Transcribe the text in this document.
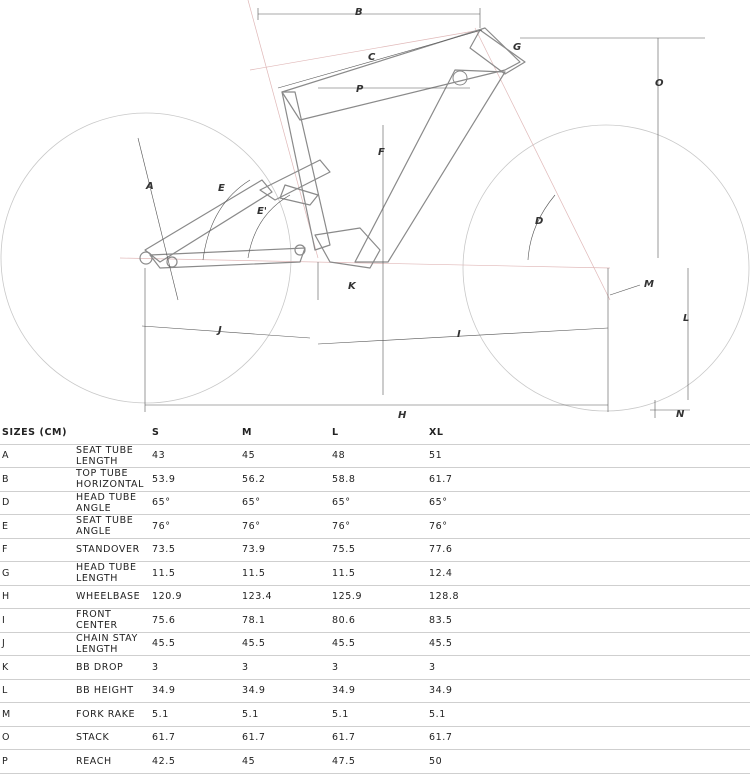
B
C
G
O
P
F
A	E
E'
D
K	M
L
J	I
H	N
SIZES (CM)		S	M	L	XL
A	SEAT TUBE LENGTH	43	45	48	51
B	TOP TUBE HORIZONTAL	53.9	56.2	58.8	61.7
D	HEAD TUBE ANGLE	65°	65°	65°	65°
E	SEAT TUBE ANGLE	76°	76°	76°	76°
F	STANDOVER	73.5	73.9	75.5	77.6
G	HEAD TUBE LENGTH	11.5	11.5	11.5	12.4
H	WHEELBASE	120.9	123.4	125.9	128.8
I	FRONT CENTER	75.6	78.1	80.6	83.5
J	CHAIN STAY LENGTH	45.5	45.5	45.5	45.5
K	BB DROP	3	3	3	3
L	BB HEIGHT	34.9	34.9	34.9	34.9
M	FORK RAKE	5.1	5.1	5.1	5.1
O	STACK	61.7	61.7	61.7	61.7
P	REACH	42.5	45	47.5	50
